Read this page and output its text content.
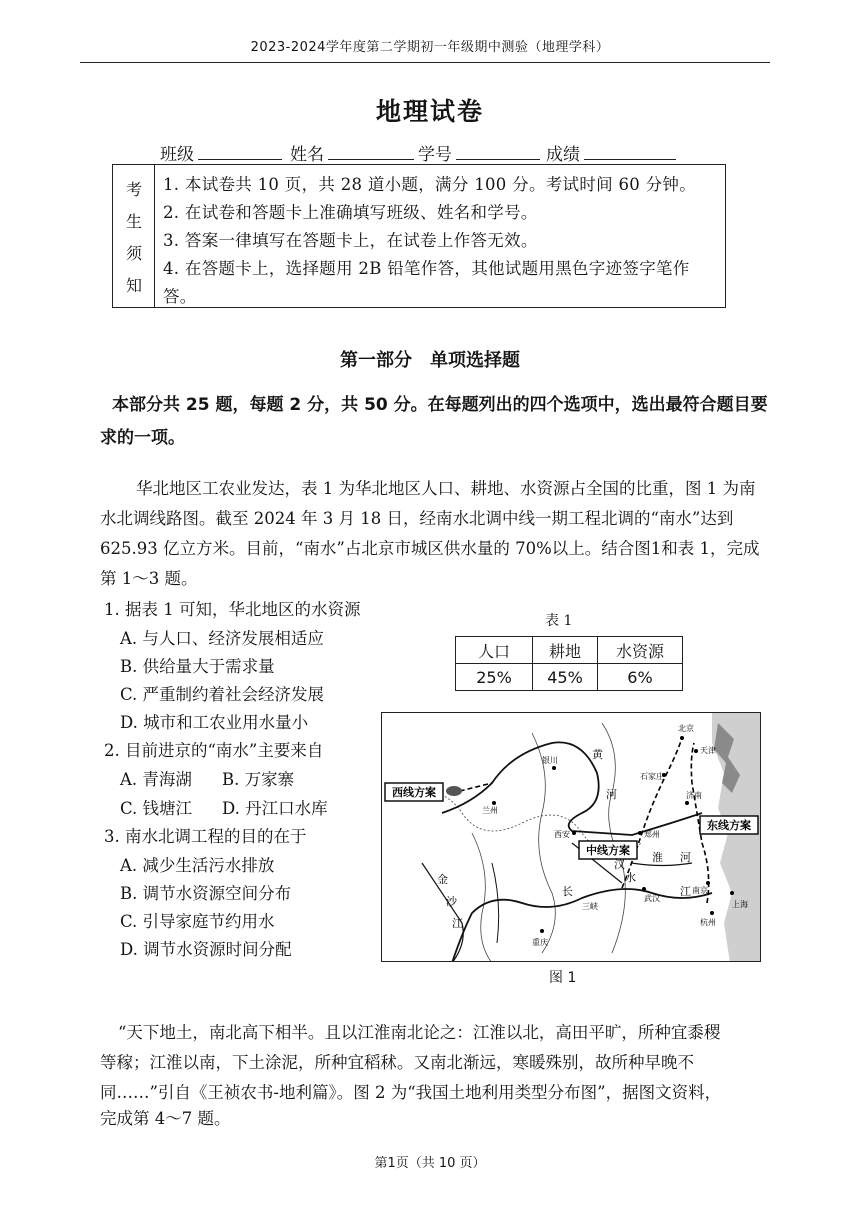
2023-2024学年度第二学期初一年级期中测验（地理学科）
地理试卷
班级	姓名	学号	成绩
考
生
须
知
1. 本试卷共 10 页，共 28 道小题，满分 100 分。考试时间 60 分钟。
2. 在试卷和答题卡上准确填写班级、姓名和学号。
3. 答案一律填写在答题卡上，在试卷上作答无效。
4. 在答题卡上，选择题用 2B 铅笔作答，其他试题用黑色字迹签字笔作
答。
第一部分　单项选择题
本部分共 25 题，每题 2 分，共 50 分。在每题列出的四个选项中，选出最符合题目要
求的一项。
华北地区工农业发达，表 1 为华北地区人口、耕地、水资源占全国的比重，图 1 为南
水北调线路图。截至 2024 年 3 月 18 日，经南水北调中线一期工程北调的“南水”达到
625.93 亿立方米。目前，“南水”占北京市城区供水量的 70%以上。结合图1和表 1，完成
第 1～3 题。
1. 据表 1 可知，华北地区的水资源
A. 与人口、经济发展相适应
B. 供给量大于需求量
C. 严重制约着社会经济发展
D. 城市和工农业用水量小
2. 目前进京的“南水”主要来自
A. 青海湖 B. 万家寨
C. 钱塘江 D. 丹江口水库
3. 南水北调工程的目的在于
A. 减少生活污水排放
B. 调节水资源空间分布
C. 引导家庭节约用水
D. 调节水资源时间分配
表 1
人口	耕地	水资源
25%	45%	6%
西线方案
中线方案
东线方案
北京
天津
石家庄
济南
银川
兰州
西安	郑州
重庆
南京
上海
杭州
武汉
三峡
黄
河
长	江
汉
水
淮 河
金
沙
江
图 1
“天下地土，南北高下相半。且以江淮南北论之：江淮以北，高田平旷，所种宜黍稷
等稼；江淮以南，下土涂泥，所种宜稻秫。又南北渐远，寒暖殊别，故所种早晚不
同……”引自《王祯农书-地利篇》。图 2 为“我国土地利用类型分布图”，据图文资料，
完成第 4～7 题。
第1页（共 10 页）
